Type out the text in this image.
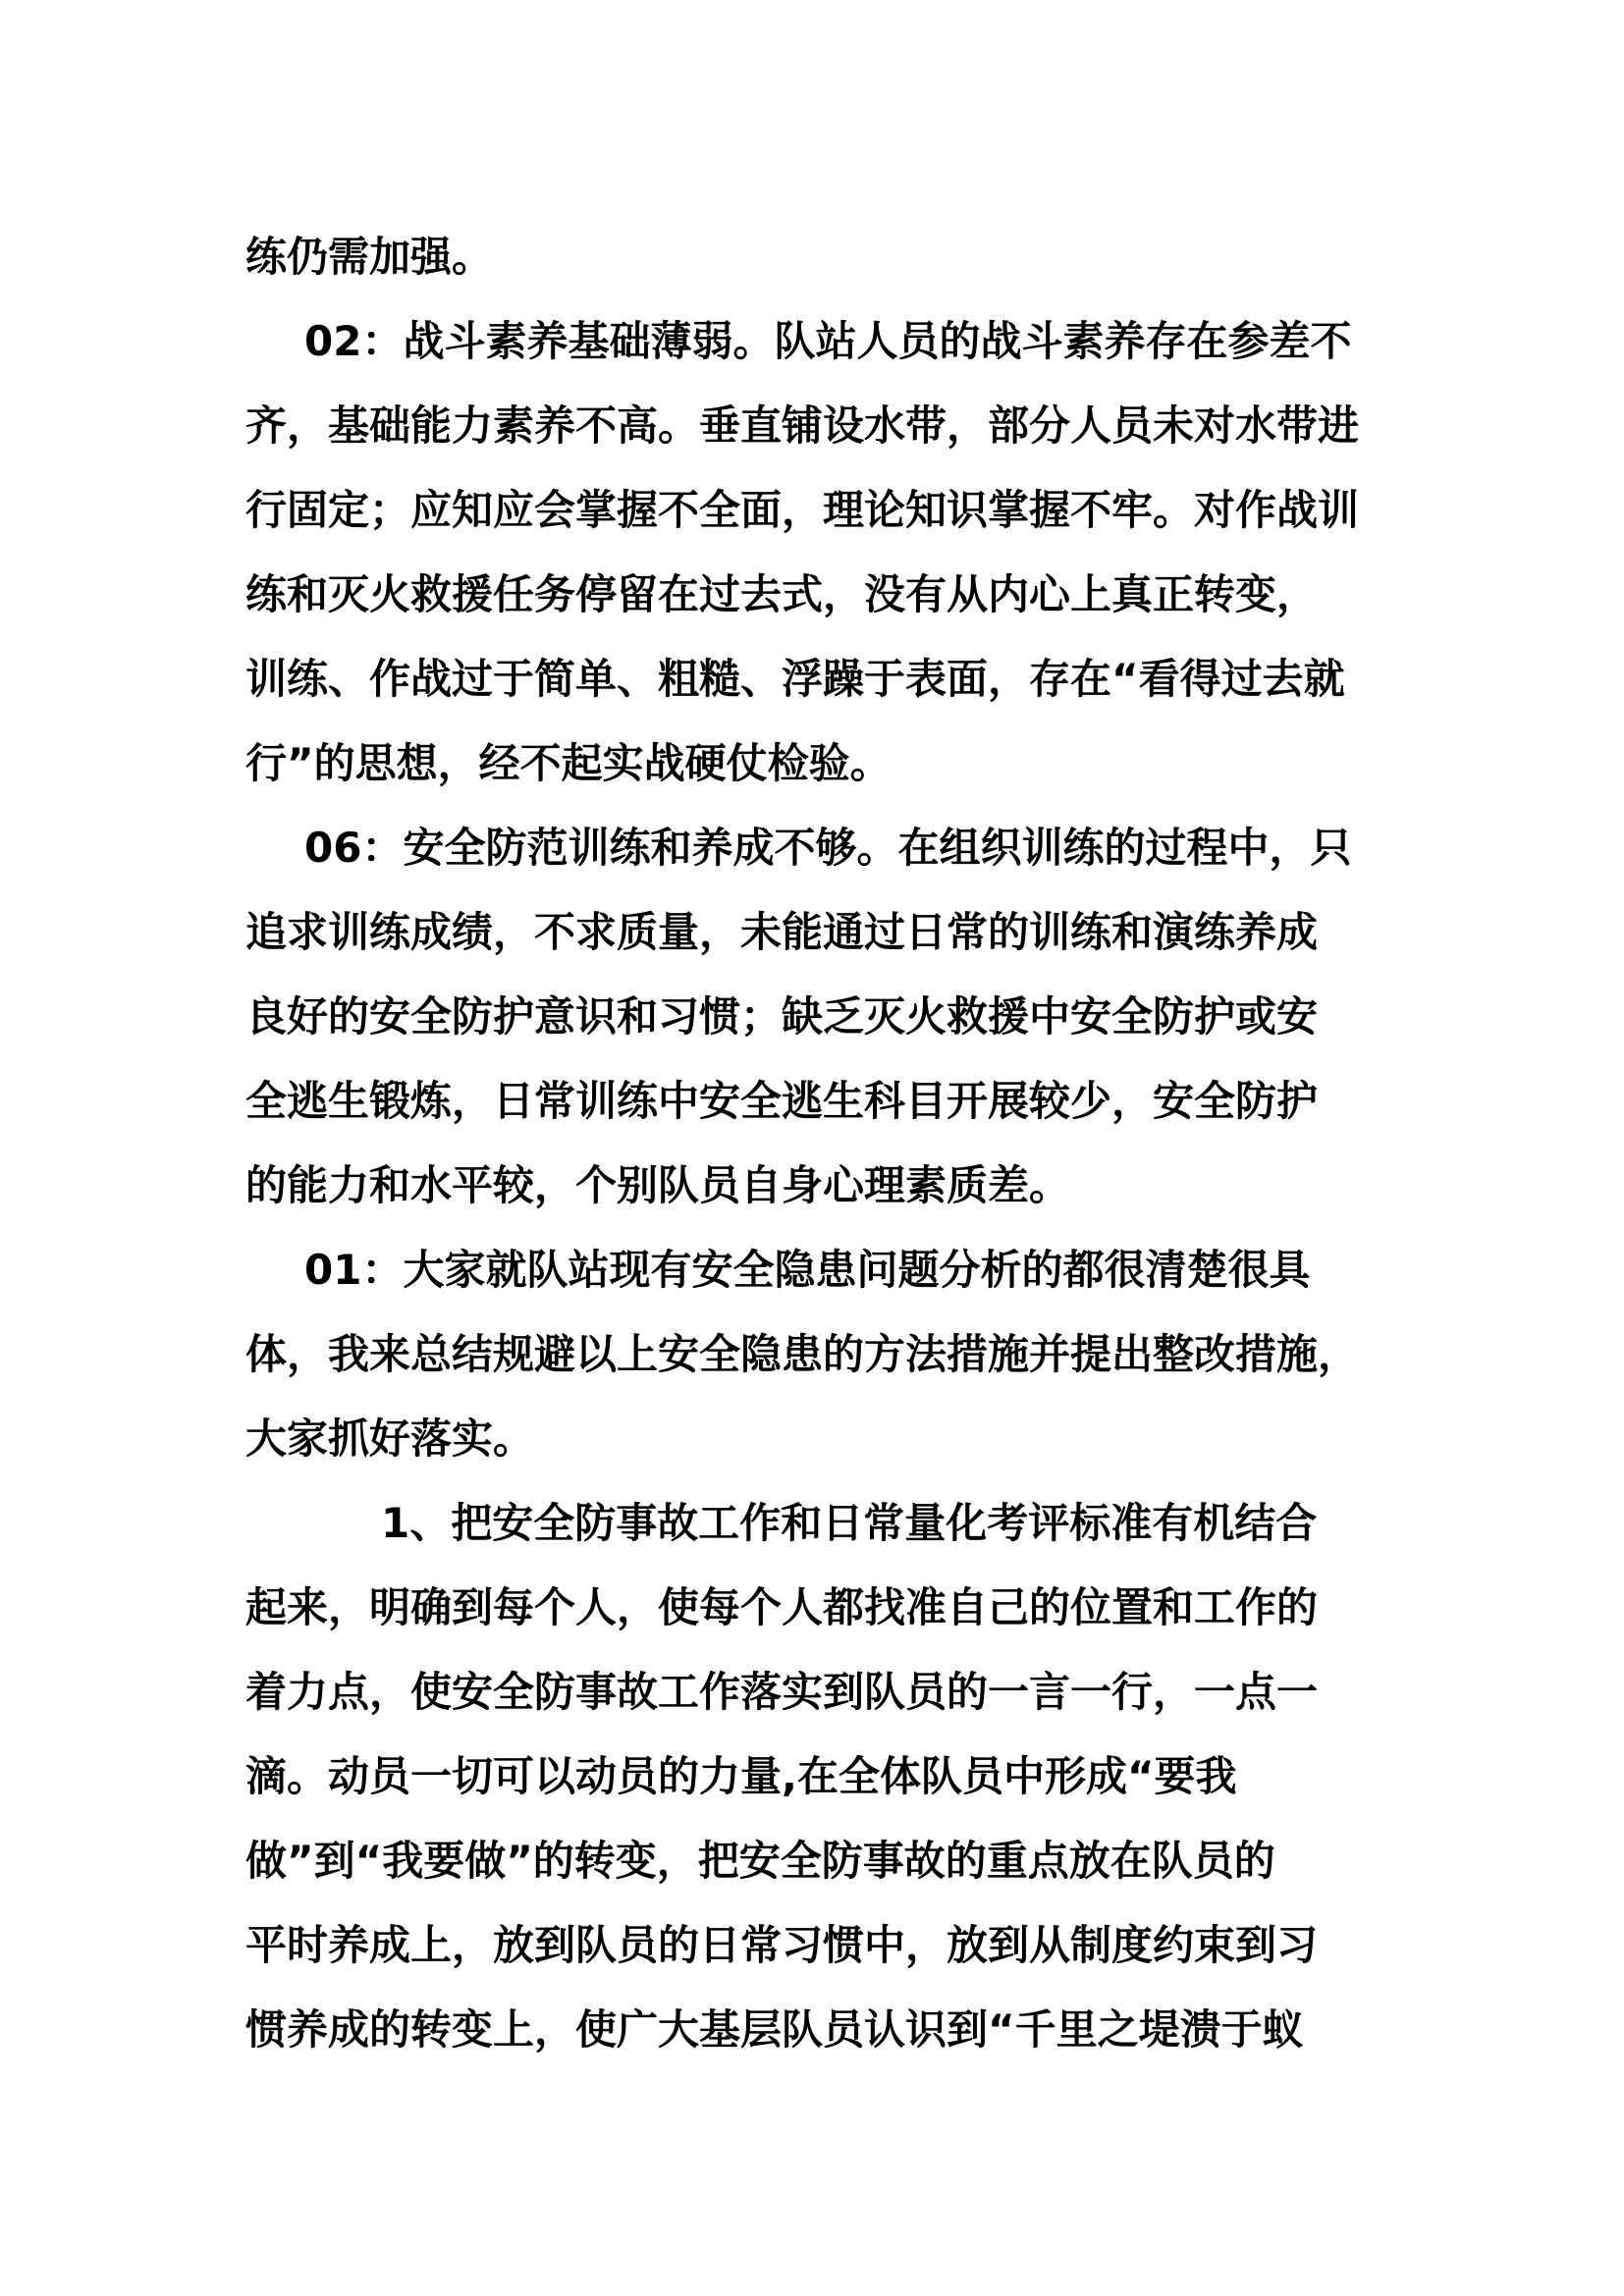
练仍需加强。
02：战斗素养基础薄弱。队站人员的战斗素养存在参差不
齐，基础能力素养不高。垂直铺设水带，部分人员未对水带进
行固定；应知应会掌握不全面，理论知识掌握不牢。对作战训
练和灭火救援任务停留在过去式，没有从内心上真正转变，
训练、作战过于简单、粗糙、浮躁于表面，存在“看得过去就
行”的思想，经不起实战硬仗检验。
06：安全防范训练和养成不够。在组织训练的过程中，只
追求训练成绩，不求质量，未能通过日常的训练和演练养成
良好的安全防护意识和习惯；缺乏灭火救援中安全防护或安
全逃生锻炼，日常训练中安全逃生科目开展较少，安全防护
的能力和水平较，个别队员自身心理素质差。
01：大家就队站现有安全隐患问题分析的都很清楚很具
体，我来总结规避以上安全隐患的方法措施并提出整改措施，
大家抓好落实。
1、把安全防事故工作和日常量化考评标准有机结合
起来，明确到每个人，使每个人都找准自己的位置和工作的
着力点，使安全防事故工作落实到队员的一言一行，一点一
滴。动员一切可以动员的力量,在全体队员中形成“要我
做”到“我要做”的转变，把安全防事故的重点放在队员的
平时养成上，放到队员的日常习惯中，放到从制度约束到习
惯养成的转变上，使广大基层队员认识到“千里之堤溃于蚁
